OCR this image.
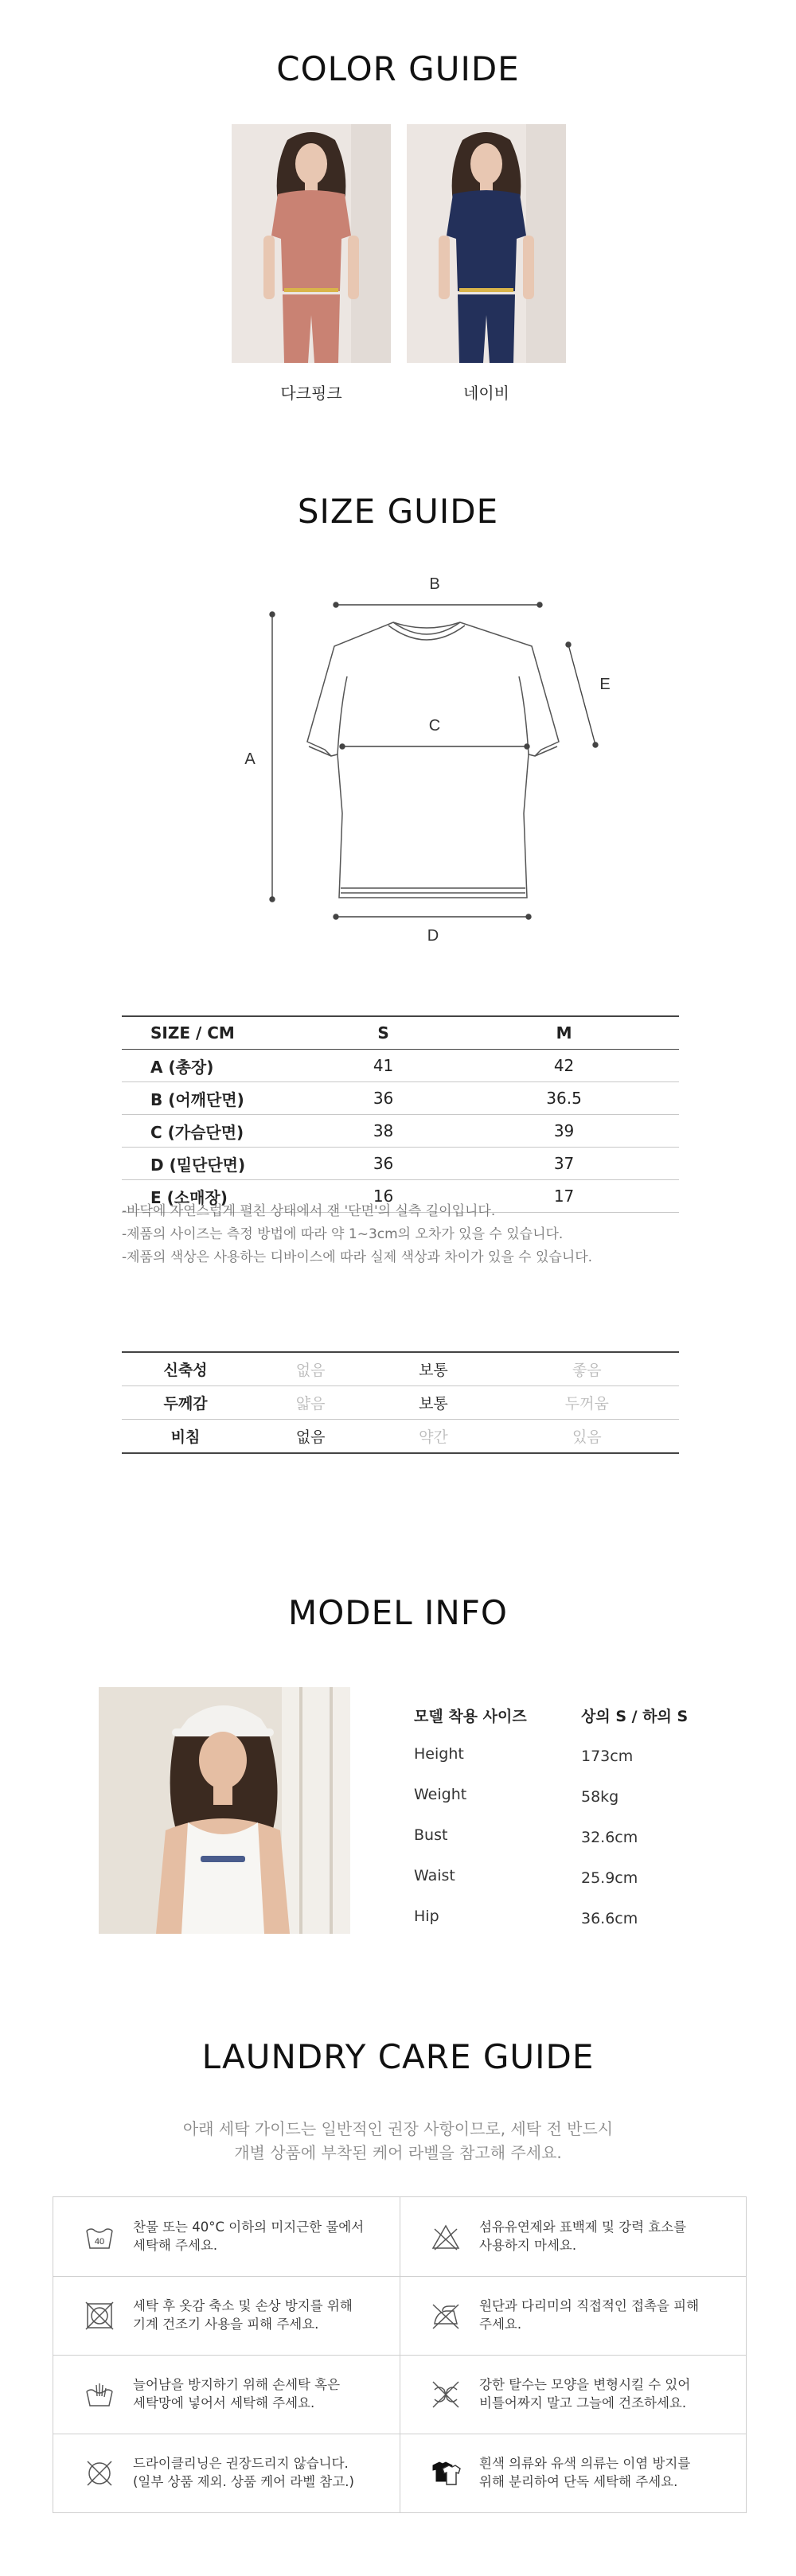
COLOR GUIDE
다크핑크	네이비
SIZE GUIDE
B
A
C
D
E
SIZE / CM	S	M
A (총장)	41	42
B (어깨단면)	36	36.5
C (가슴단면)	38	39
D (밑단단면)	36	37
E (소매장)	16	17
-바닥에 자연스럽게 펼친 상태에서 잰 '단면'의 실측 길이입니다.
-제품의 사이즈는 측정 방법에 따라 약 1~3cm의 오차가 있을 수 있습니다.
-제품의 색상은 사용하는 디바이스에 따라 실제 색상과 차이가 있을 수 있습니다.
신축성	없음	보통	좋음
두께감	얇음	보통	두꺼움
비침	없음	약간	있음
MODEL INFO
모델 착용 사이즈	상의 S / 하의 S
Height	173cm
Weight	58kg
Bust	32.6cm
Waist	25.9cm
Hip	36.6cm
LAUNDRY CARE GUIDE
아래 세탁 가이드는 일반적인 권장 사항이므로, 세탁 전 반드시
개별 상품에 부착된 케어 라벨을 참고해 주세요.
40
찬물 또는 40°C 이하의 미지근한 물에서
세탁해 주세요.
섬유유연제와 표백제 및 강력 효소를
사용하지 마세요.
세탁 후 옷감 축소 및 손상 방지를 위해
기계 건조기 사용을 피해 주세요.
원단과 다리미의 직접적인 접촉을 피해
주세요.
늘어남을 방지하기 위해 손세탁 혹은
세탁망에 넣어서 세탁해 주세요.
강한 탈수는 모양을 변형시킬 수 있어
비틀어짜지 말고 그늘에 건조하세요.
드라이클리닝은 권장드리지 않습니다.
(일부 상품 제외. 상품 케어 라벨 참고.)
흰색 의류와 유색 의류는 이염 방지를
위해 분리하여 단독 세탁해 주세요.
